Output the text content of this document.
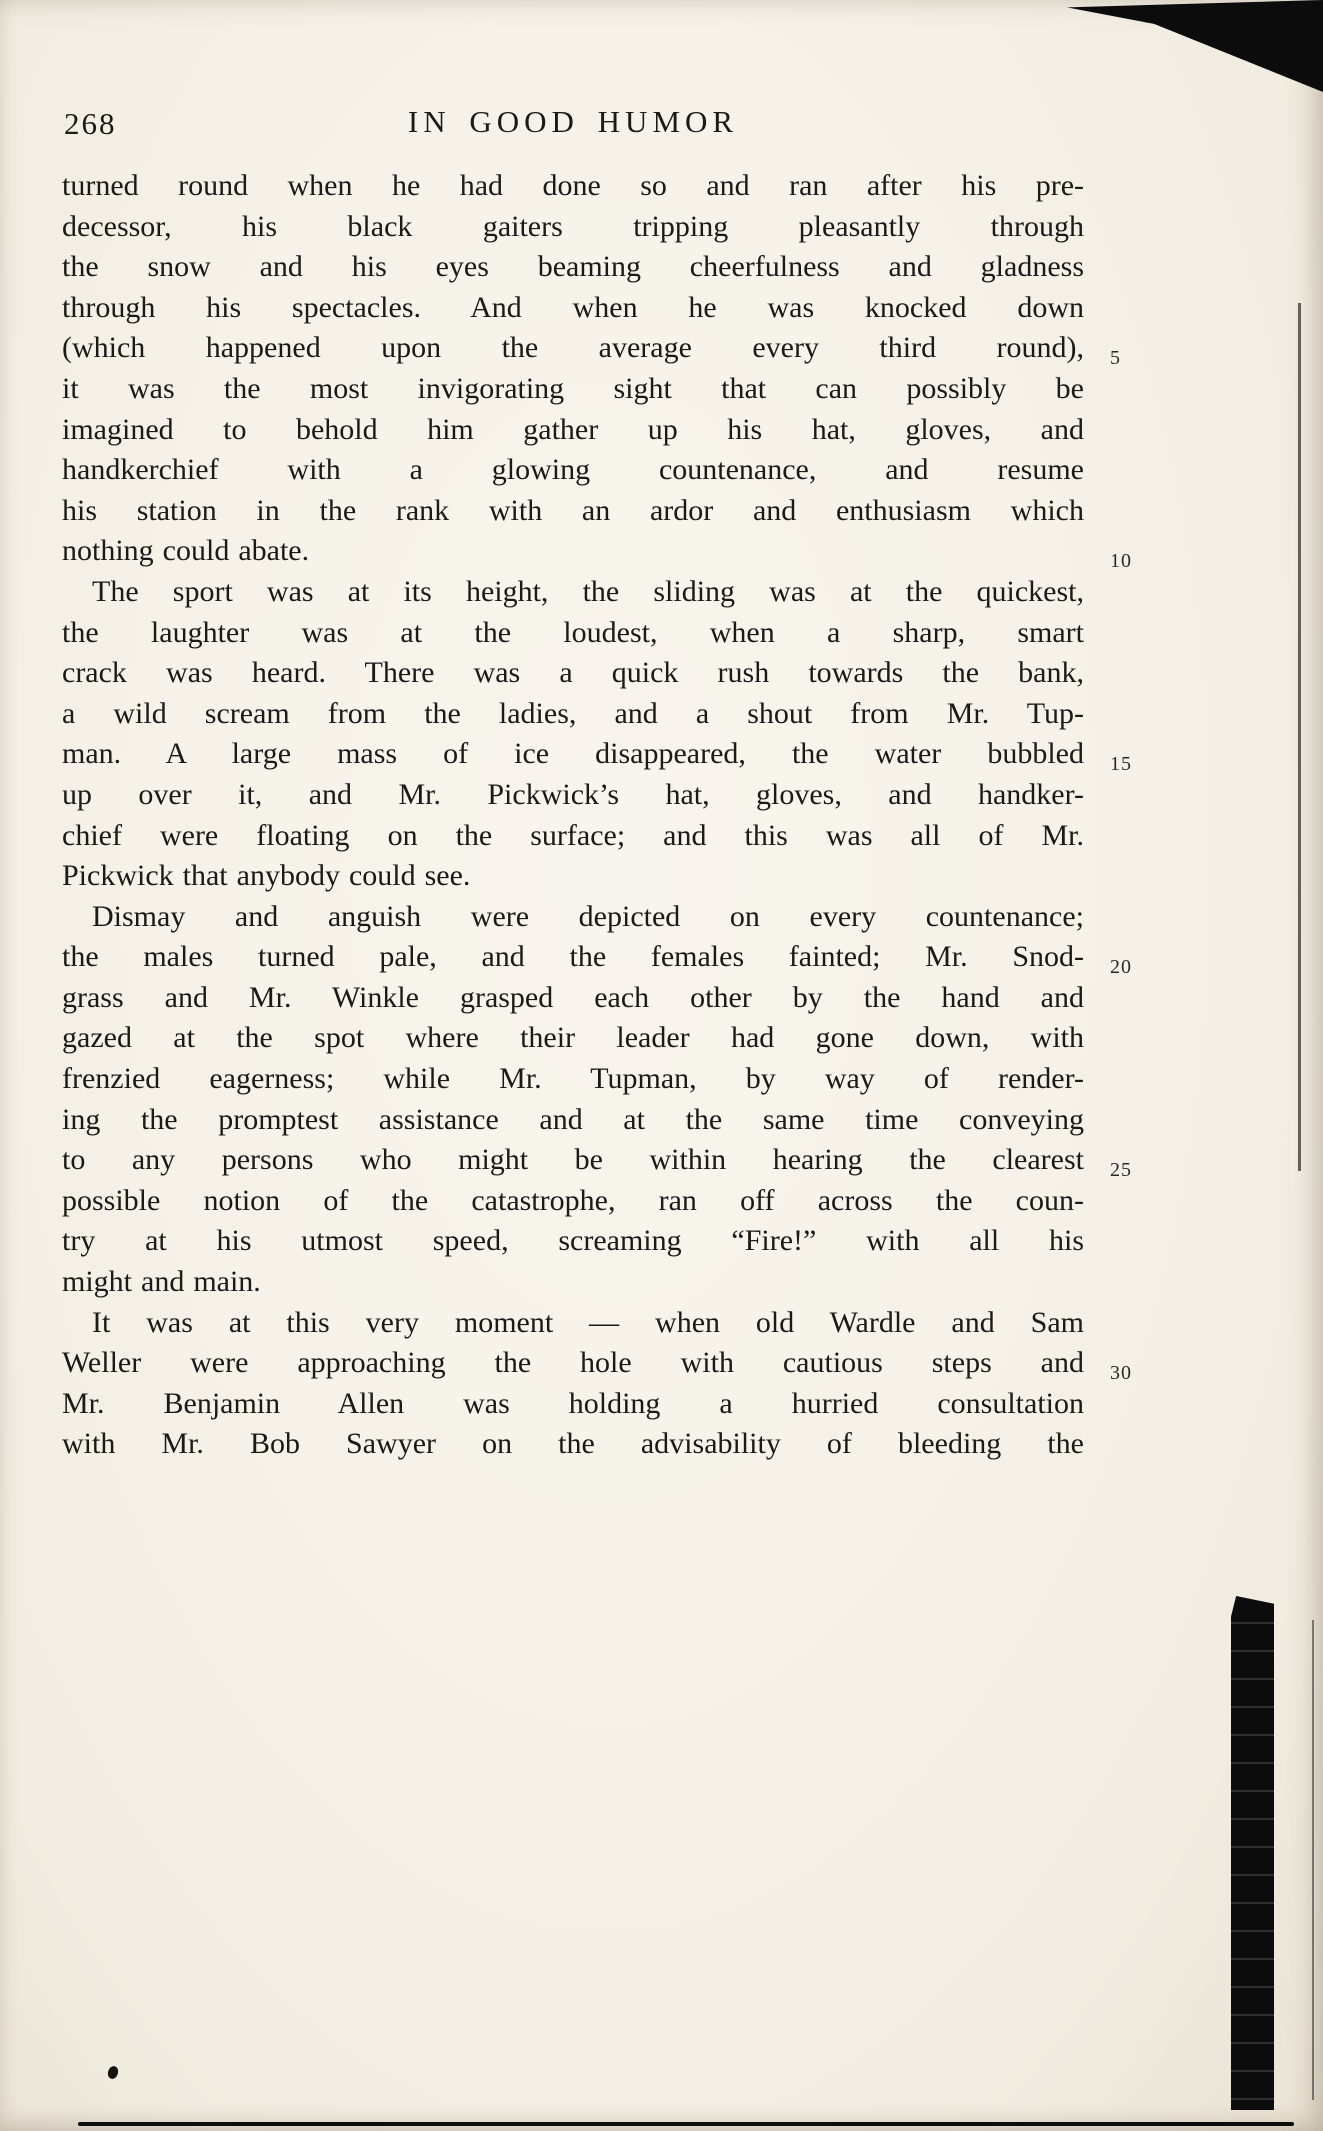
268	IN GOOD HUMOR
turned round when he had done so and ran after his pre-
decessor, his black gaiters tripping pleasantly through
the snow and his eyes beaming cheerfulness and gladness
through his spectacles. And when he was knocked down
(which happened upon the average every third round), 5
it was the most invigorating sight that can possibly be
imagined to behold him gather up his hat, gloves, and
handkerchief with a glowing countenance, and resume
his station in the rank with an ardor and enthusiasm which
nothing could abate.	10
The sport was at its height, the sliding was at the quickest,
the laughter was at the loudest, when a sharp, smart
crack was heard. There was a quick rush towards the bank,
a wild scream from the ladies, and a shout from Mr. Tup-
man. A large mass of ice disappeared, the water bubbled 15
up over it, and Mr. Pickwick’s hat, gloves, and handker-
chief were floating on the surface; and this was all of Mr.
Pickwick that anybody could see.
Dismay and anguish were depicted on every countenance;
the males turned pale, and the females fainted; Mr. Snod- 20
grass and Mr. Winkle grasped each other by the hand and
gazed at the spot where their leader had gone down, with
frenzied eagerness; while Mr. Tupman, by way of render-
ing the promptest assistance and at the same time conveying
to any persons who might be within hearing the clearest 25
possible notion of the catastrophe, ran off across the coun-
try at his utmost speed, screaming “Fire!” with all his
might and main.
It was at this very moment — when old Wardle and Sam
Weller were approaching the hole with cautious steps and 30
Mr. Benjamin Allen was holding a hurried consultation
with Mr. Bob Sawyer on the advisability of bleeding the
